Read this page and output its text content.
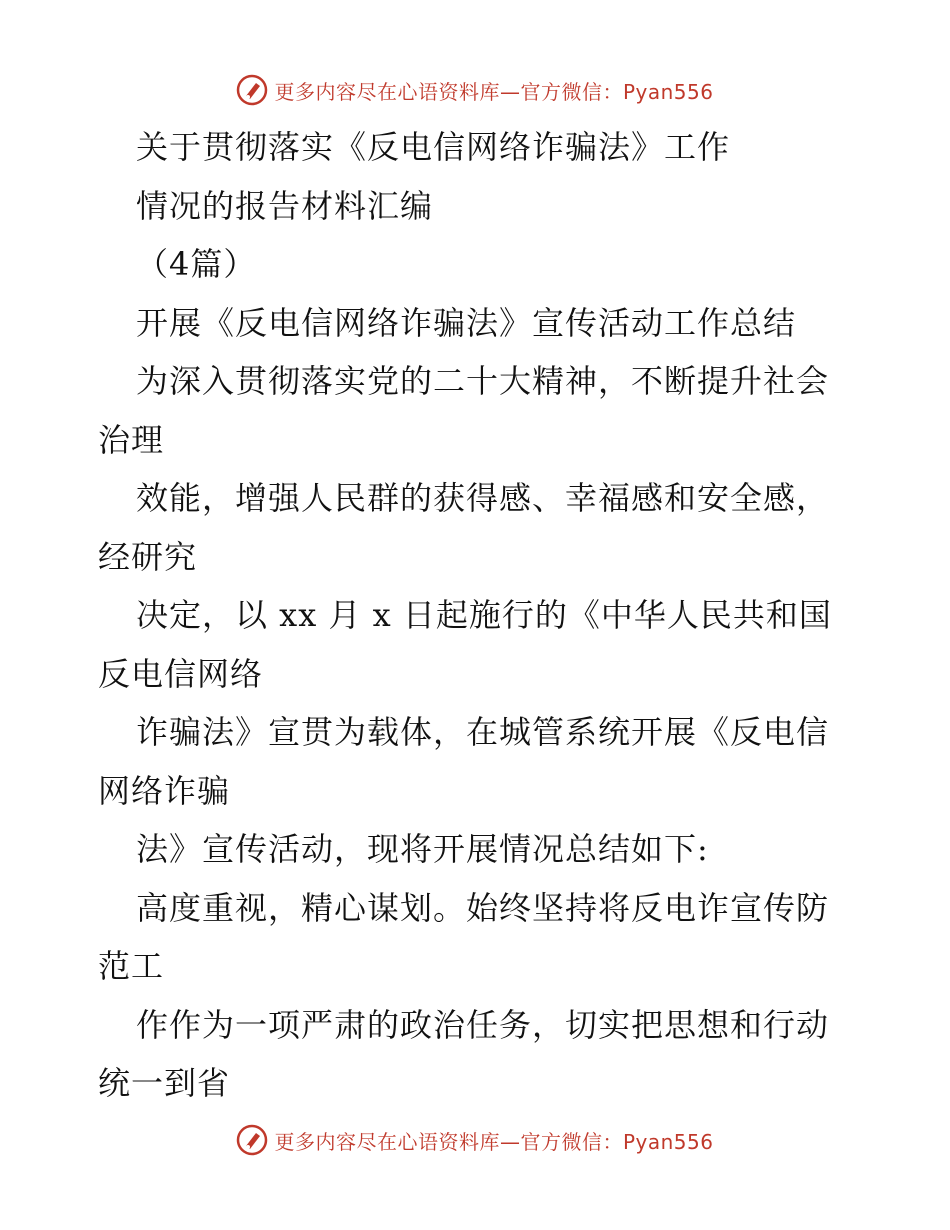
更多内容尽在心语资料库—官方微信：Pyan556
关于贯彻落实《反电信网络诈骗法》工作
情况的报告材料汇编
（4篇）
开展《反电信网络诈骗法》宣传活动工作总结
为深入贯彻落实党的二十大精神，不断提升社会
治理
效能，增强人民群的获得感、幸福感和安全感，
经研究
决定，以 xx 月 x 日起施行的《中华人民共和国
反电信网络
诈骗法》宣贯为载体，在城管系统开展《反电信
网络诈骗
法》宣传活动，现将开展情况总结如下:
高度重视，精心谋划。始终坚持将反电诈宣传防
范工
作作为一项严肃的政治任务，切实把思想和行动
统一到省
更多内容尽在心语资料库—官方微信：Pyan556
